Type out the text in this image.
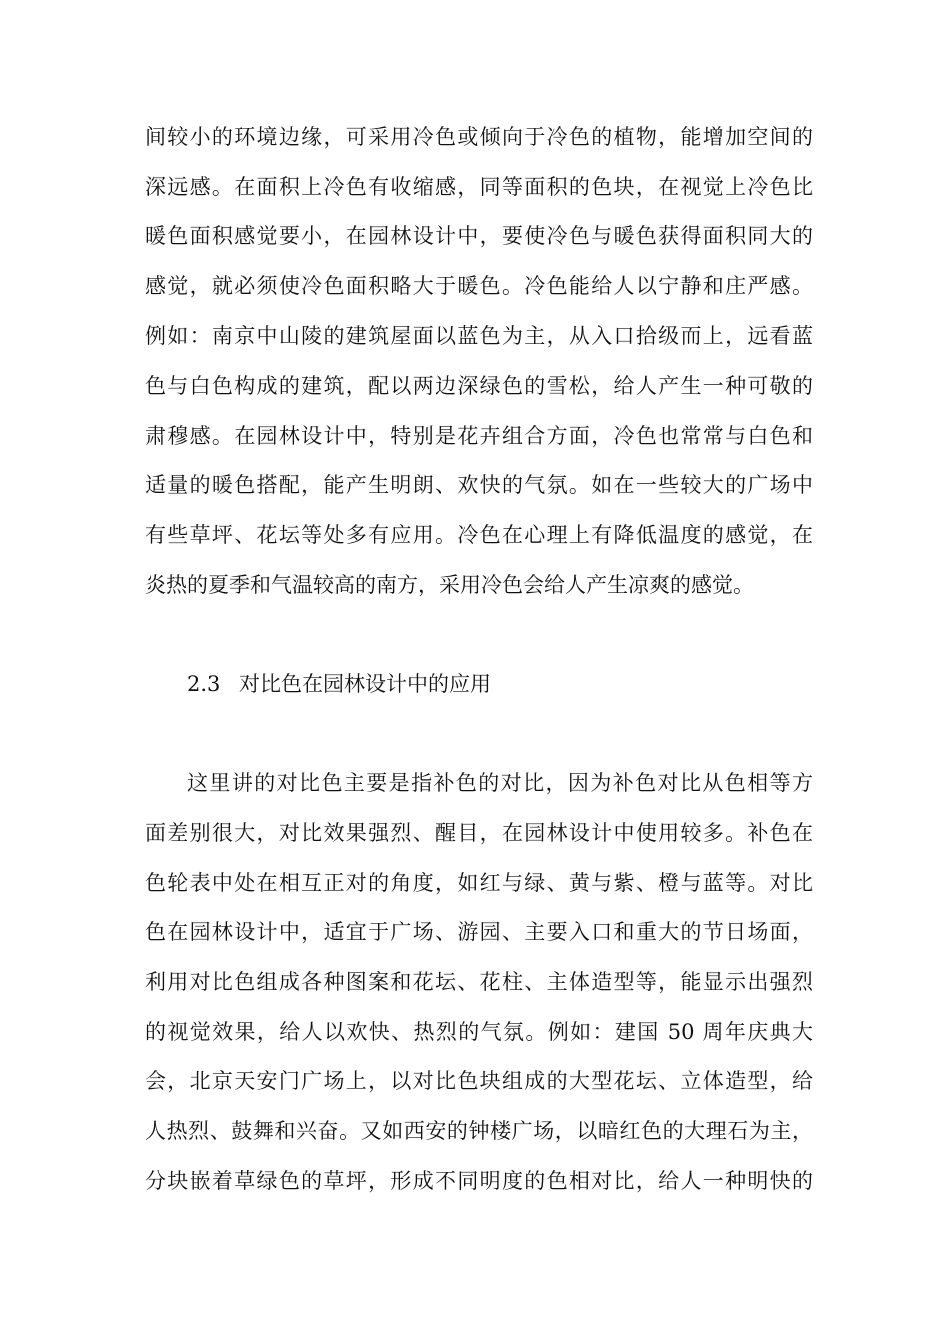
间较小的环境边缘，可采用冷色或倾向于冷色的植物，能增加空间的
深远感。在面积上冷色有收缩感，同等面积的色块，在视觉上冷色比
暖色面积感觉要小，在园林设计中，要使冷色与暖色获得面积同大的
感觉，就必须使冷色面积略大于暖色。冷色能给人以宁静和庄严感。
例如：南京中山陵的建筑屋面以蓝色为主，从入口拾级而上，远看蓝
色与白色构成的建筑，配以两边深绿色的雪松，给人产生一种可敬的
肃穆感。在园林设计中，特别是花卉组合方面，冷色也常常与白色和
适量的暖色搭配，能产生明朗、欢快的气氛。如在一些较大的广场中
有些草坪、花坛等处多有应用。冷色在心理上有降低温度的感觉，在
炎热的夏季和气温较高的南方，采用冷色会给人产生凉爽的感觉。
2.3 对比色在园林设计中的应用
这里讲的对比色主要是指补色的对比，因为补色对比从色相等方
面差别很大，对比效果强烈、醒目，在园林设计中使用较多。补色在
色轮表中处在相互正对的角度，如红与绿、黄与紫、橙与蓝等。对比
色在园林设计中，适宜于广场、游园、主要入口和重大的节日场面，
利用对比色组成各种图案和花坛、花柱、主体造型等，能显示出强烈
的视觉效果，给人以欢快、热烈的气氛。例如：建国 50 周年庆典大
会，北京天安门广场上，以对比色块组成的大型花坛、立体造型，给
人热烈、鼓舞和兴奋。又如西安的钟楼广场，以暗红色的大理石为主，
分块嵌着草绿色的草坪，形成不同明度的色相对比，给人一种明快的
